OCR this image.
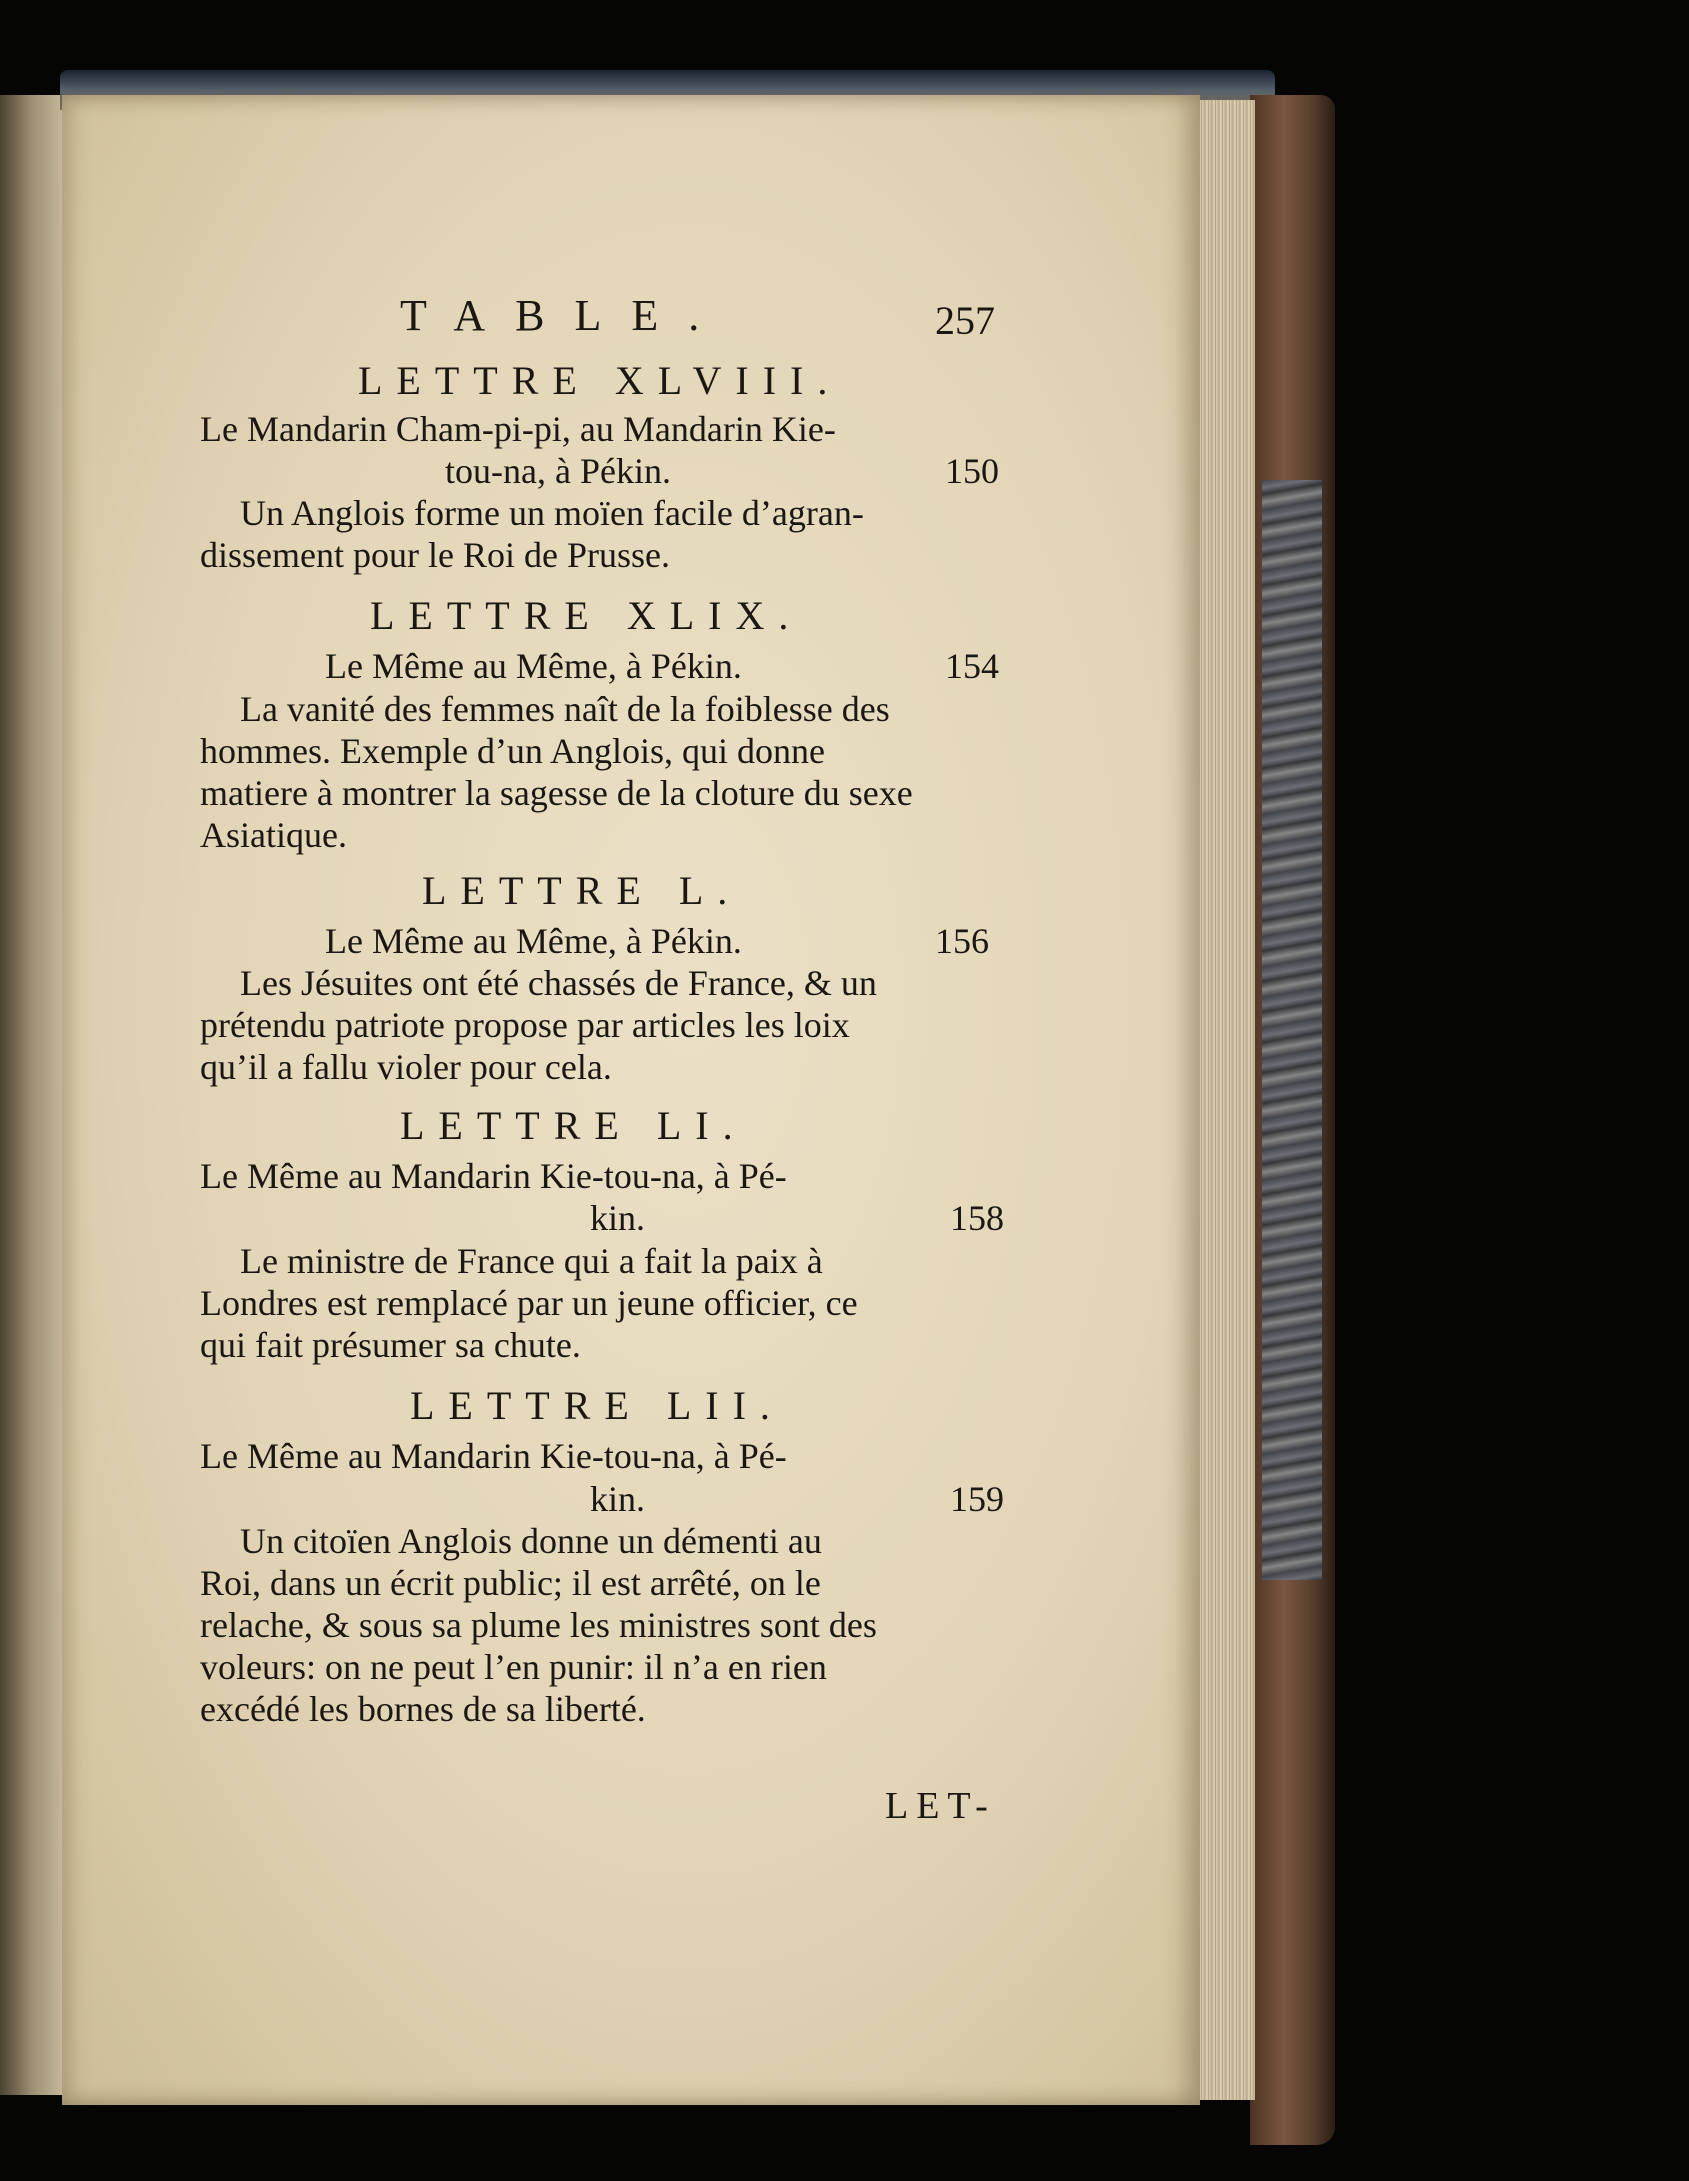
TABLE.	257
LETTRE XLVIII.
Le Mandarin Cham-pi-pi, au Mandarin Kie-
tou-na, à Pékin.	150
Un Anglois forme un moïen facile d’agran-
dissement pour le Roi de Prusse.
LETTRE XLIX.
Le Même au Même, à Pékin.	154
La vanité des femmes naît de la foiblesse des
hommes. Exemple d’un Anglois, qui donne
matiere à montrer la sagesse de la cloture du sexe
Asiatique.
LETTRE L.
Le Même au Même, à Pékin.	156
Les Jésuites ont été chassés de France, & un
prétendu patriote propose par articles les loix
qu’il a fallu violer pour cela.
LETTRE LI.
Le Même au Mandarin Kie-tou-na, à Pé-
kin.	158
Le ministre de France qui a fait la paix à
Londres est remplacé par un jeune officier, ce
qui fait présumer sa chute.
LETTRE LII.
Le Même au Mandarin Kie-tou-na, à Pé-
kin.	159
Un citoïen Anglois donne un démenti au
Roi, dans un écrit public; il est arrêté, on le
relache, & sous sa plume les ministres sont des
voleurs: on ne peut l’en punir: il n’a en rien
excédé les bornes de sa liberté.
LET-
